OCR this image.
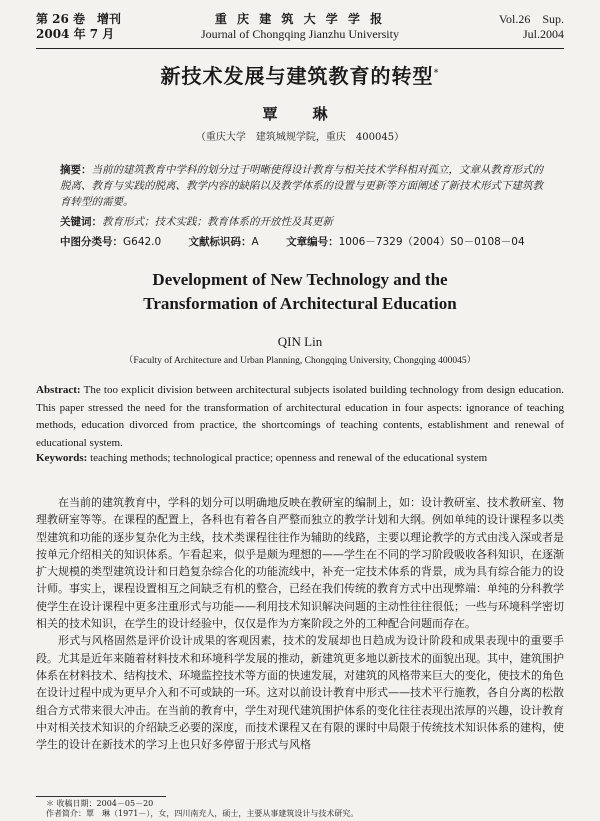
第 26 卷　增刊
2004 年 7 月
重 庆 建 筑 大 学 学 报
Journal of Chongqing Jianzhu University
Vol.26　Sup.
Jul.2004
新技术发展与建筑教育的转型*
覃　琳
（重庆大学　建筑城规学院，重庆　400045）
摘要：当前的建筑教育中学科的划分过于明晰使得设计教育与相关技术学科相对孤立，文章从教育形式的脱离、教育与实践的脱离、教学内容的缺陷以及教学体系的设置与更新等方面阐述了新技术形式下建筑教育转型的需要。
关键词：教育形式；技术实践；教育体系的开放性及其更新
中图分类号：G642.0	文献标识码：A	文章编号：1006－7329（2004）S0－0108－04
Development of New Technology and the
Transformation of Architectural Education
QIN Lin
（Faculty of Architecture and Urban Planning, Chongqing University, Chongqing 400045）
Abstract: The too explicit division between architectural subjects isolated building technology from design education. This paper stressed the need for the transformation of architectural education in four aspects: ignorance of teaching methods, education divorced from practice, the shortcomings of teaching contents, establishment and renewal of educational system.
Keywords: teaching methods; technological practice; openness and renewal of the educational system

在当前的建筑教育中，学科的划分可以明确地反映在教研室的编制上，如：设计教研室、技术教研室、物理教研室等等。在课程的配置上，各科也有着各自严整而独立的教学计划和大纲。例如单纯的设计课程多以类型建筑和功能的逐步复杂化为主线，技术类课程往往作为辅助的线路，主要以理论教学的方式由浅入深或者是按单元介绍相关的知识体系。乍看起来，似乎是颇为理想的——学生在不同的学习阶段吸收各科知识，在逐渐扩大规模的类型建筑设计和日趋复杂综合化的功能流线中，补充一定技术体系的背景，成为具有综合能力的设计师。事实上，课程设置相互之间缺乏有机的整合，已经在我们传统的教育方式中出现弊端：单纯的分科教学使学生在设计课程中更多注重形式与功能——利用技术知识解决问题的主动性往往很低；一些与环境科学密切相关的技术知识，在学生的设计经验中，仅仅是作为方案阶段之外的工种配合问题而存在。

形式与风格固然是评价设计成果的客观因素，技术的发展却也日趋成为设计阶段和成果表现中的重要手段。尤其是近年来随着材料技术和环境科学发展的推动，新建筑更多地以新技术的面貌出现。其中，建筑围护体系在材料技术、结构技术、环境监控技术等方面的快速发展，对建筑的风格带来巨大的变化，使技术的角色在设计过程中成为更早介入和不可或缺的一环。这对以前设计教育中形式——技术平行施教，各自分离的松散组合方式带来很大冲击。在当前的教育中，学生对现代建筑围护体系的变化往往表现出浓厚的兴趣，设计教育中对相关技术知识的介绍缺乏必要的深度，而技术课程又在有限的课时中局限于传统技术知识体系的建构，使学生的设计在新技术的学习上也只好多停留于形式与风格

＊ 收稿日期：2004－05－20
作者简介：覃　琳（1971－），女，四川南充人，硕士，主要从事建筑设计与技术研究。
